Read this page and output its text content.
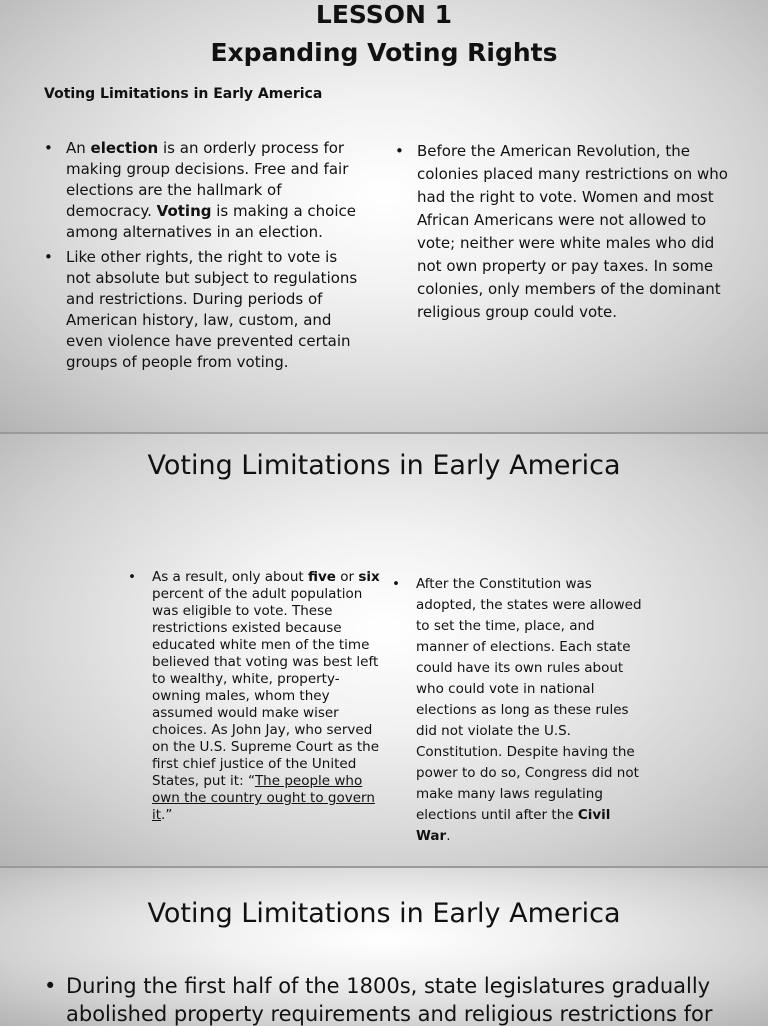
LESSON 1
Expanding Voting Rights
Voting Limitations in Early America
• An election is an orderly process for making group decisions. Free and fair elections are the hallmark of democracy. Voting is making a choice among alternatives in an election.
• Like other rights, the right to vote is not absolute but subject to regulations and restrictions. During periods of American history, law, custom, and even violence have prevented certain groups of people from voting.
• Before the American Revolution, the colonies placed many restrictions on who had the right to vote. Women and most African Americans were not allowed to vote; neither were white males who did not own property or pay taxes. In some colonies, only members of the dominant religious group could vote.
Voting Limitations in Early America
• As a result, only about five or six percent of the adult population was eligible to vote. These restrictions existed because educated white men of the time believed that voting was best left to wealthy, white, property-owning males, whom they assumed would make wiser choices. As John Jay, who served on the U.S. Supreme Court as the first chief justice of the United States, put it: “The people who own the country ought to govern it.”
• After the Constitution was adopted, the states were allowed to set the time, place, and manner of elections. Each state could have its own rules about who could vote in national elections as long as these rules did not violate the U.S. Constitution. Despite having the power to do so, Congress did not make many laws regulating elections until after the Civil War.
Voting Limitations in Early America
• During the first half of the 1800s, state legislatures gradually abolished property requirements and religious restrictions for
